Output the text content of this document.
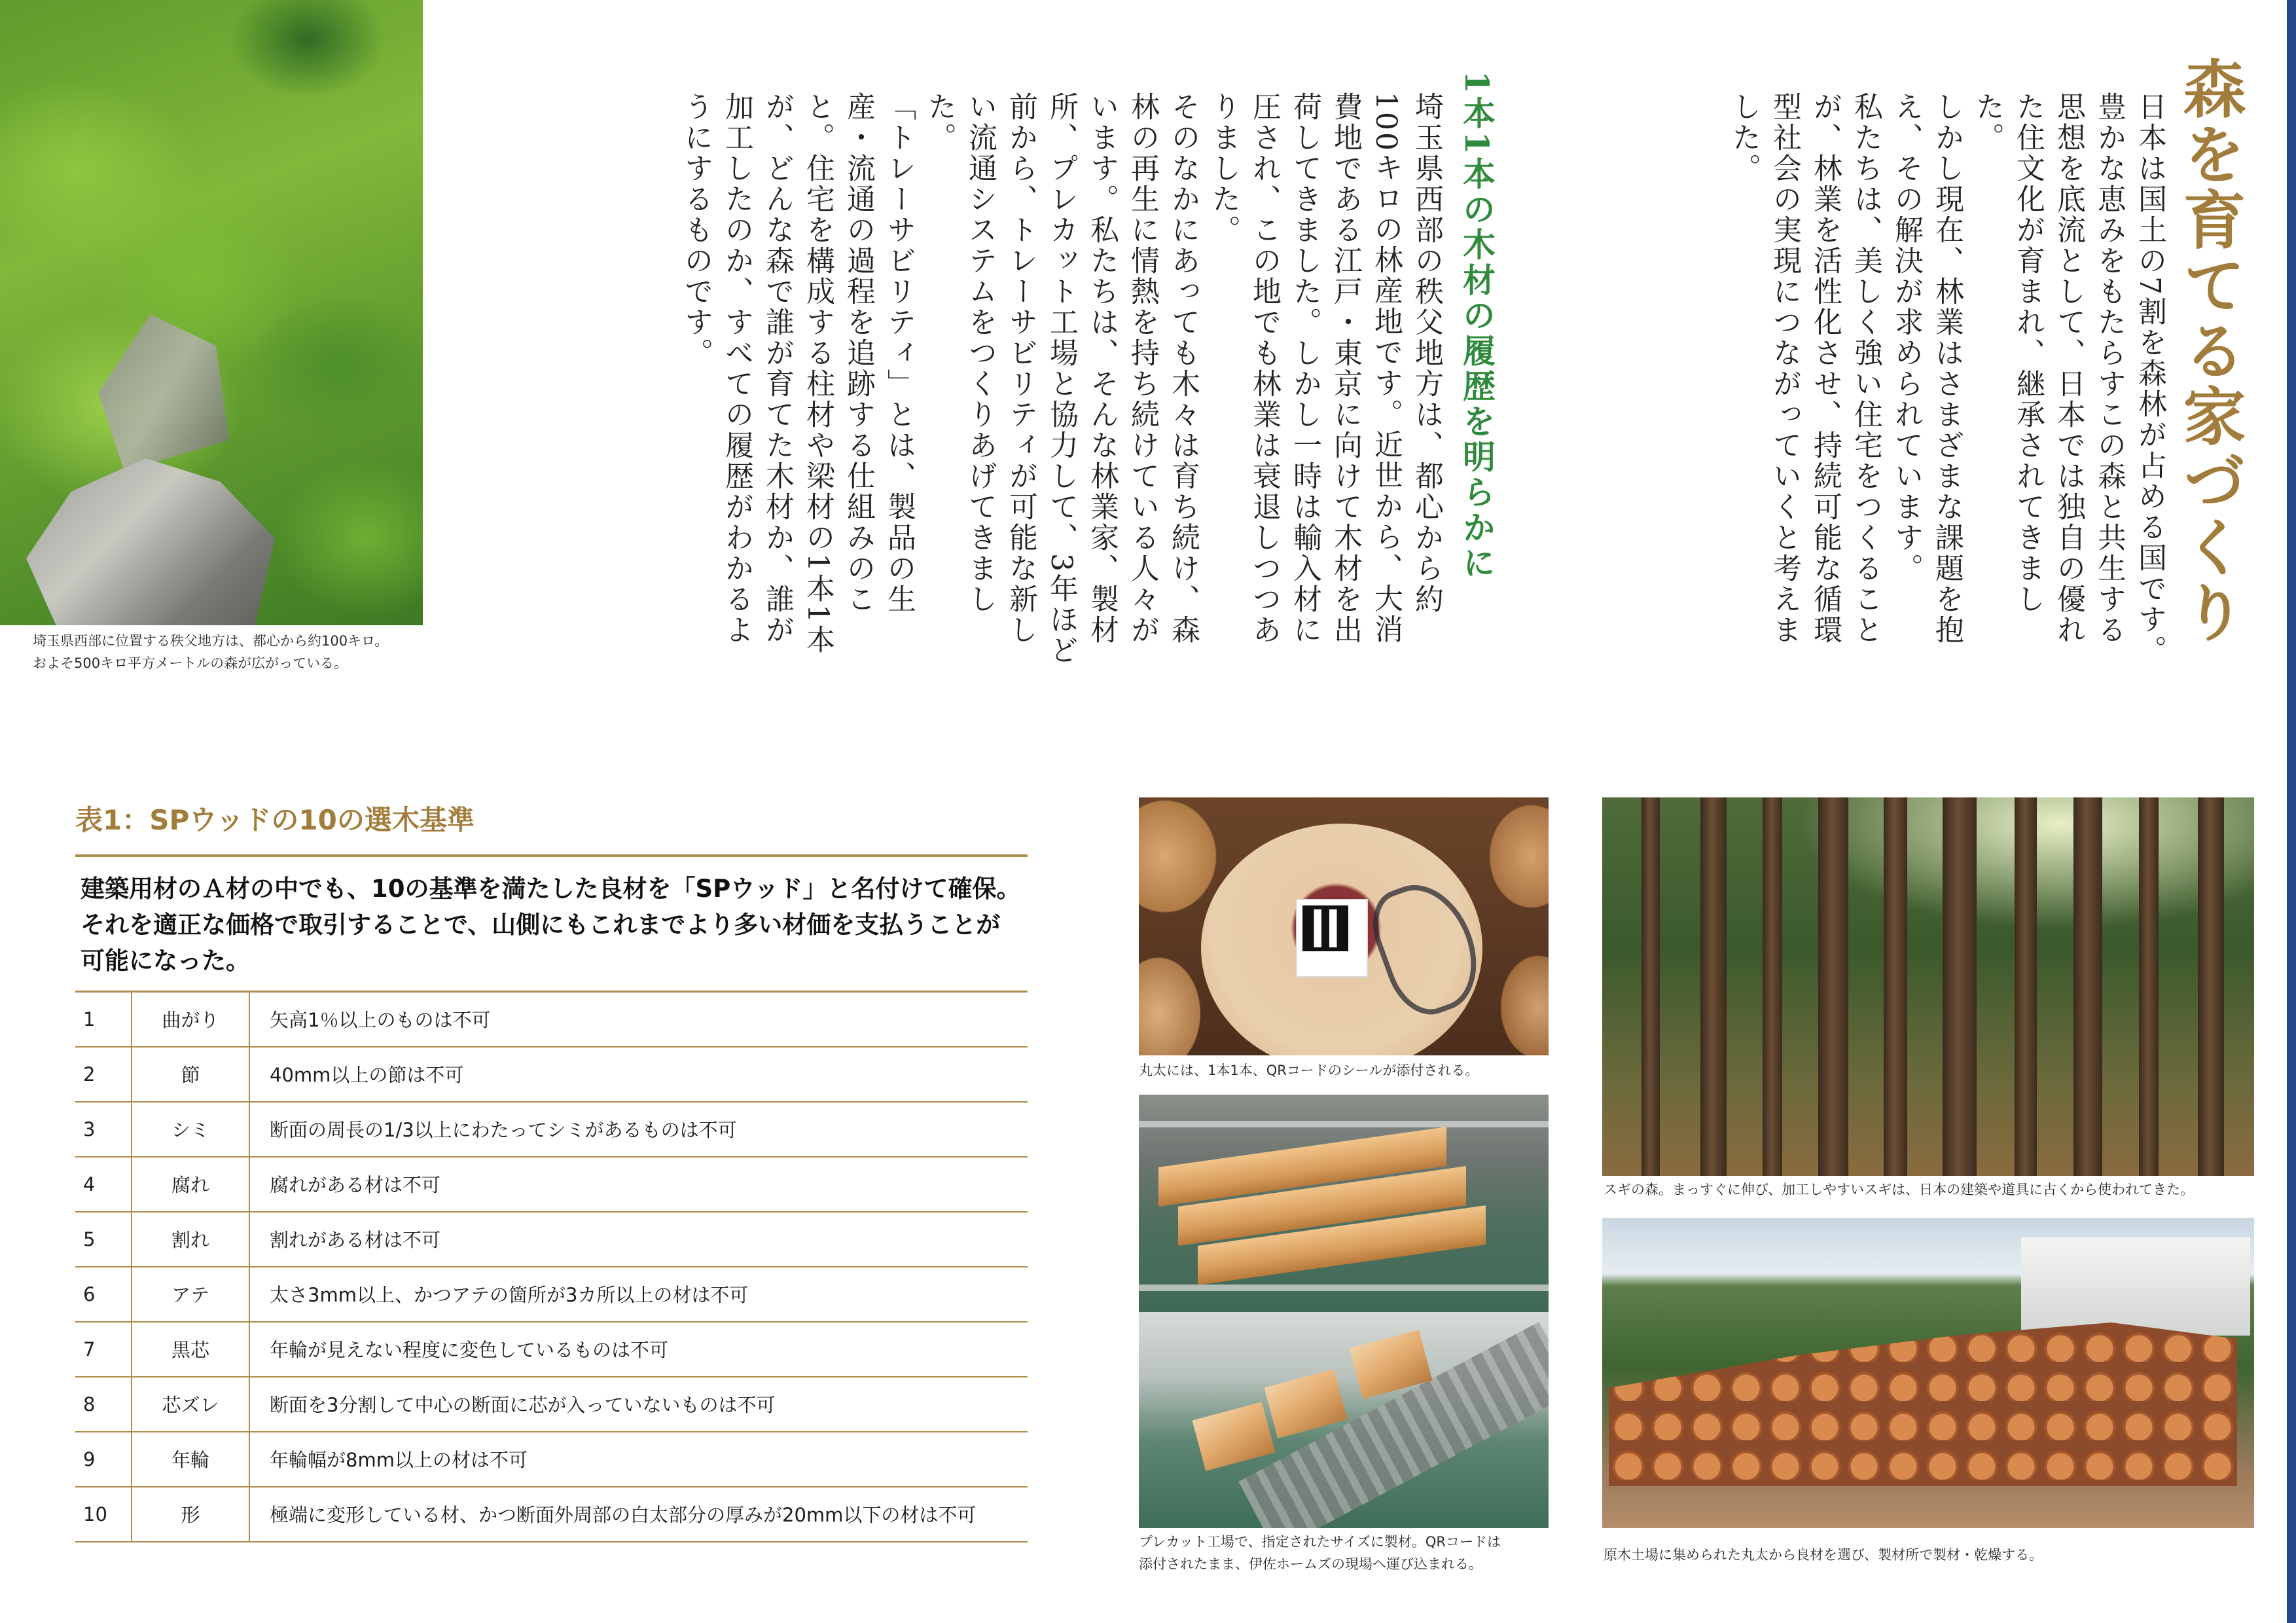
森を育てる家づくり

日本は国土の7割を森林が占める国です。豊かな恵みをもたらすこの森と共生する思想を底流として、日本では独自の優れた住文化が育まれ、継承されてきました。

しかし現在、林業はさまざまな課題を抱え、その解決が求められています。

私たちは、美しく強い住宅をつくることが、林業を活性化させ、持続可能な循環型社会の実現につながっていくと考えました。

1本1本の木材の履歴を明らかに

埼玉県西部の秩父地方は、都心から約100キロの林産地です。近世から、大消費地である江戸・東京に向けて木材を出荷してきました。しかし一時は輸入材に圧され、この地でも林業は衰退しつつありました。

そのなかにあっても木々は育ち続け、森林の再生に情熱を持ち続けている人々がいます。私たちは、そんな林業家、製材所、プレカット工場と協力して、3年ほど前から、トレーサビリティが可能な新しい流通システムをつくりあげてきました。

「トレーサビリティ」とは、製品の生産・流通の過程を追跡する仕組みのこと。住宅を構成する柱材や梁材の1本1本が、どんな森で誰が育てた木材か、誰が加工したのか、すべての履歴がわかるようにするものです。

埼玉県西部に位置する秩父地方は、都心から約100キロ。
およそ500キロ平方メートルの森が広がっている。
表1：SPウッドの10の選木基準
建築用材のＡ材の中でも、10の基準を満たした良材を「SPウッド」と名付けて確保。
それを適正な価格で取引することで、山側にもこれまでより多い材価を支払うことが
可能になった。
1	曲がり	矢高1％以上のものは不可
2	節	40mm以上の節は不可
3	シミ	断面の周長の1/3以上にわたってシミがあるものは不可
4	腐れ	腐れがある材は不可
5	割れ	割れがある材は不可
6	アテ	太さ3mm以上、かつアテの箇所が3カ所以上の材は不可
7	黒芯	年輪が見えない程度に変色しているものは不可
8	芯ズレ	断面を3分割して中心の断面に芯が入っていないものは不可
9	年輪	年輪幅が8mm以上の材は不可
10	形	極端に変形している材、かつ断面外周部の白太部分の厚みが20mm以下の材は不可
丸太には、1本1本、QRコードのシールが添付される。
プレカット工場で、指定されたサイズに製材。QRコードは
添付されたまま、伊佐ホームズの現場へ運び込まれる。
スギの森。まっすぐに伸び、加工しやすいスギは、日本の建築や道具に古くから使われてきた。
原木土場に集められた丸太から良材を選び、製材所で製材・乾燥する。
